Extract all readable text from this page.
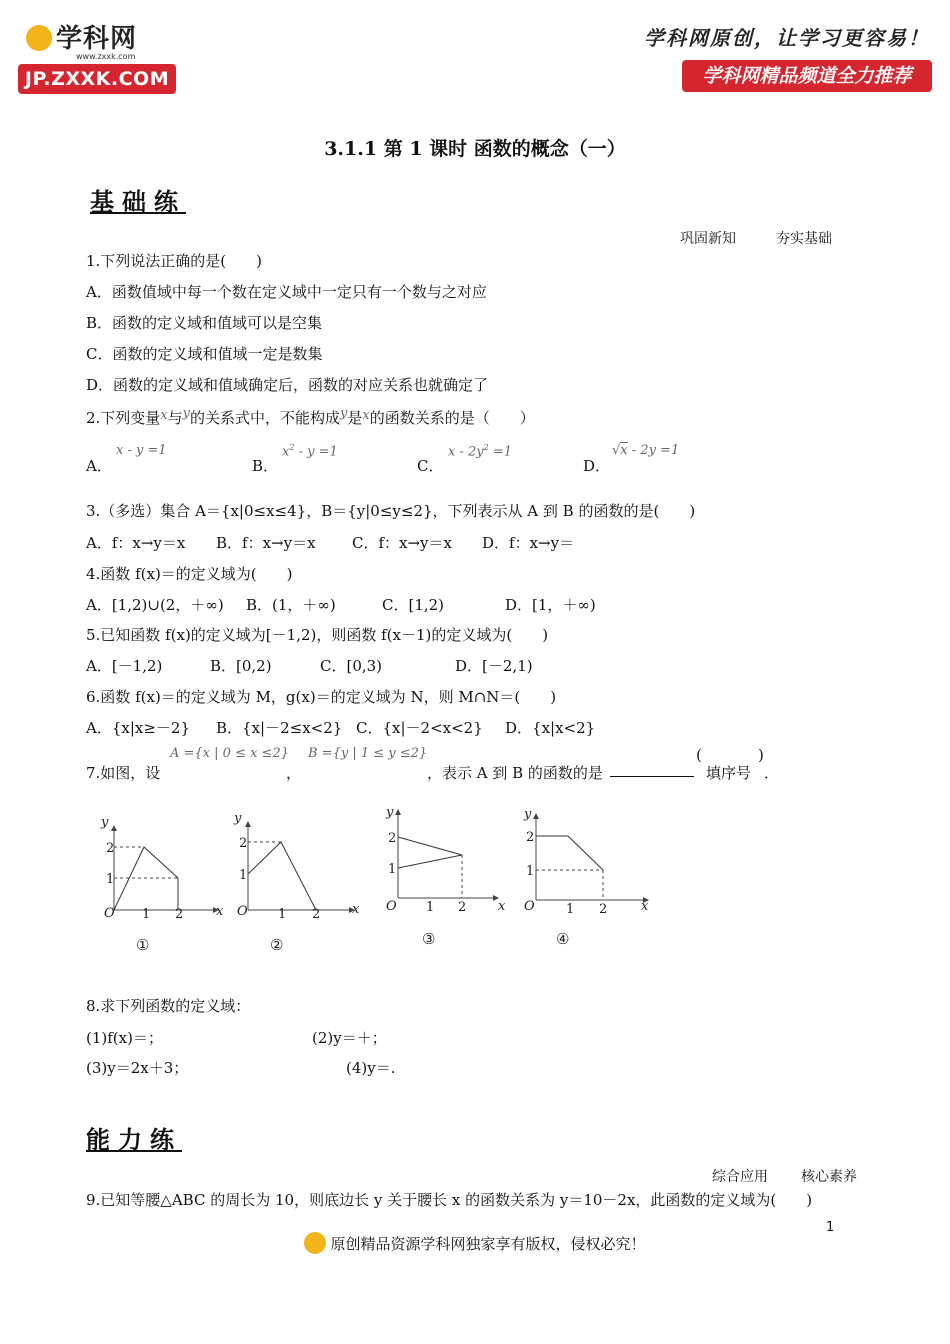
学科网
www.zxxk.com
JP.ZXXK.COM
学科网原创，让学习更容易！
学科网精品频道全力推荐
3.1.1 第 1 课时 函数的概念（一）
基础练
巩固新知	夯实基础
1.下列说法正确的是(　　)
A．函数值域中每一个数在定义域中一定只有一个数与之对应
B．函数的定义域和值域可以是空集
C．函数的定义域和值域一定是数集
D．函数的定义域和值域确定后，函数的对应关系也就确定了
2.下列变量x与y的关系式中，不能构成y是x的函数关系的是（　　）
A．
x - y =1
B．
$x^2 - y =1$
C．
$x - 2y^2 =1$
D．
√x - 2y =1
3.（多选）集合 A＝{x|0≤x≤4}，B＝{y|0≤y≤2}，下列表示从 A 到 B 的函数的是(　　)
A．f：x→y＝x B．f：x→y＝x C．f：x→y＝x D．f：x→y＝
4.函数 f(x)＝的定义域为(　　)
A．[1,2)∪(2，＋∞) B．(1，＋∞)	C．[1,2)	D．[1，＋∞)
5.已知函数 f(x)的定义域为[－1,2)，则函数 f(x－1)的定义域为(　　)
A．[－1,2)	B．[0,2)	C．[0,3)	D．[－2,1)
6.函数 f(x)＝的定义域为 M，g(x)＝的定义域为 N，则 M∩N＝(　　)
A．{x|x≥－2} B．{x|－2≤x<2} C．{x|－2<x<2} D．{x|x<2}
7.如图，设
A ={x | 0 ≤ x ≤2}
，
B ={y | 1 ≤ y ≤2}
，表示 A 到 B 的函数的是
(
填序号
)
．
2
1
O 1 2	x
y
①
2
1
O 1 2 x
y
②
2
1
O 1 2 x
y
③
2
1
O 1 2	x
y
④
8.求下列函数的定义域：
(1)f(x)＝；	(2)y＝＋；
(3)y＝2x＋3；	(4)y＝.
能力练
综合应用 核心素养
9.已知等腰△ABC 的周长为 10，则底边长 y 关于腰长 x 的函数关系为 y＝10－2x，此函数的定义域为(　　)
1
原创精品资源学科网独家享有版权，侵权必究！
